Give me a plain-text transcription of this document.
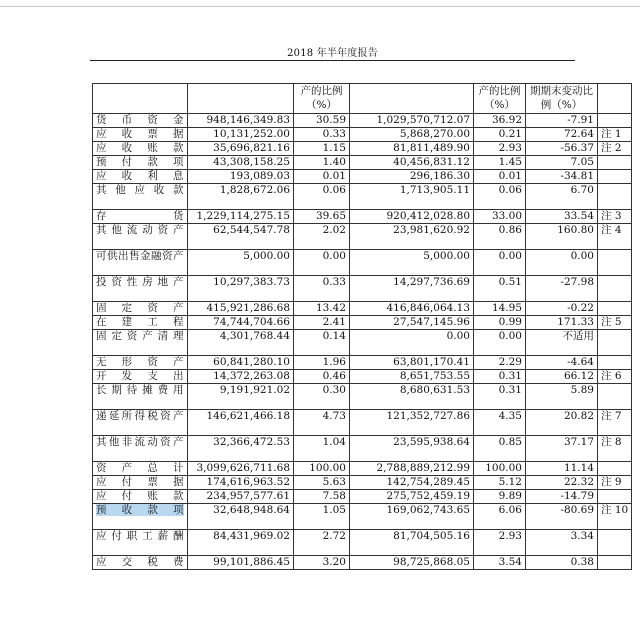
2018 年半年度报告
		产的比例（%）		产的比例（%）	期期末变动比例（%）	
货币资金	948,146,349.83	30.59	1,029,570,712.07	36.92	-7.91	
应收票据	10,131,252.00	0.33	5,868,270.00	0.21	72.64	注 1
应收账款	35,696,821.16	1.15	81,811,489.90	2.93	-56.37	注 2
预付款项	43,308,158.25	1.40	40,456,831.12	1.45	7.05	
应收利息	193,089.03	0.01	296,186.30	0.01	-34.81	
其他应收款	1,828,672.06	0.06	1,713,905.11	0.06	6.70	
存货	1,229,114,275.15	39.65	920,412,028.80	33.00	33.54	注 3
其他流动资产	62,544,547.78	2.02	23,981,620.92	0.86	160.80	注 4
可供出售金融资产	5,000.00	0.00	5,000.00	0.00	0.00	
投资性房地产	10,297,383.73	0.33	14,297,736.69	0.51	-27.98	
固定资产	415,921,286.68	13.42	416,846,064.13	14.95	-0.22	
在建工程	74,744,704.66	2.41	27,547,145.96	0.99	171.33	注 5
固定资产清理	4,301,768.44	0.14	0.00	0.00	不适用	
无形资产	60,841,280.10	1.96	63,801,170.41	2.29	-4.64	
开发支出	14,372,263.08	0.46	8,651,753.55	0.31	66.12	注 6
长期待摊费用	9,191,921.02	0.30	8,680,631.53	0.31	5.89	
递延所得税资产	146,621,466.18	4.73	121,352,727.86	4.35	20.82	注 7
其他非流动资产	32,366,472.53	1.04	23,595,938.64	0.85	37.17	注 8
资产总计	3,099,626,711.68	100.00	2,788,889,212.99	100.00	11.14	
应付票据	174,616,963.52	5.63	142,754,289.45	5.12	22.32	注 9
应付账款	234,957,577.61	7.58	275,752,459.19	9.89	-14.79	
预收款项	32,648,948.64	1.05	169,062,743.65	6.06	-80.69	注 10
应付职工薪酬	84,431,969.02	2.72	81,704,505.16	2.93	3.34	
应交税费	99,101,886.45	3.20	98,725,868.05	3.54	0.38	
